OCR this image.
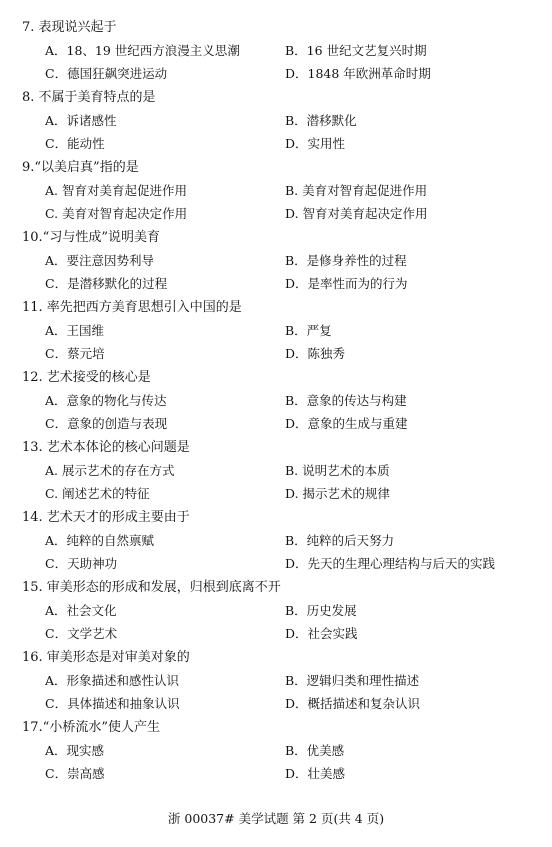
7. 表现说兴起于
A．18、19 世纪西方浪漫主义思潮	B．16 世纪文艺复兴时期
C．德国狂飙突进运动	D．1848 年欧洲革命时期
8. 不属于美育特点的是
A．诉诸感性	B．潜移默化
C．能动性	D．实用性
9.“以美启真”指的是
A. 智育对美育起促进作用	B. 美育对智育起促进作用
C. 美育对智育起决定作用	D. 智育对美育起决定作用
10.“习与性成”说明美育
A．要注意因势利导	B．是修身养性的过程
C．是潜移默化的过程	D．是率性而为的行为
11. 率先把西方美育思想引入中国的是
A．王国维	B．严复
C．蔡元培	D．陈独秀
12. 艺术接受的核心是
A．意象的物化与传达	B．意象的传达与构建
C．意象的创造与表现	D．意象的生成与重建
13. 艺术本体论的核心问题是
A. 展示艺术的存在方式	B. 说明艺术的本质
C. 阐述艺术的特征	D. 揭示艺术的规律
14. 艺术天才的形成主要由于
A．纯粹的自然禀赋	B．纯粹的后天努力
C．天助神功	D．先天的生理心理结构与后天的实践
15. 审美形态的形成和发展，归根到底离不开
A．社会文化	B．历史发展
C．文学艺术	D．社会实践
16. 审美形态是对审美对象的
A．形象描述和感性认识	B．逻辑归类和理性描述
C．具体描述和抽象认识	D．概括描述和复杂认识
17.“小桥流水”使人产生
A．现实感	B．优美感
C．崇高感	D．壮美感
浙 00037# 美学试题 第 2 页(共 4 页)
